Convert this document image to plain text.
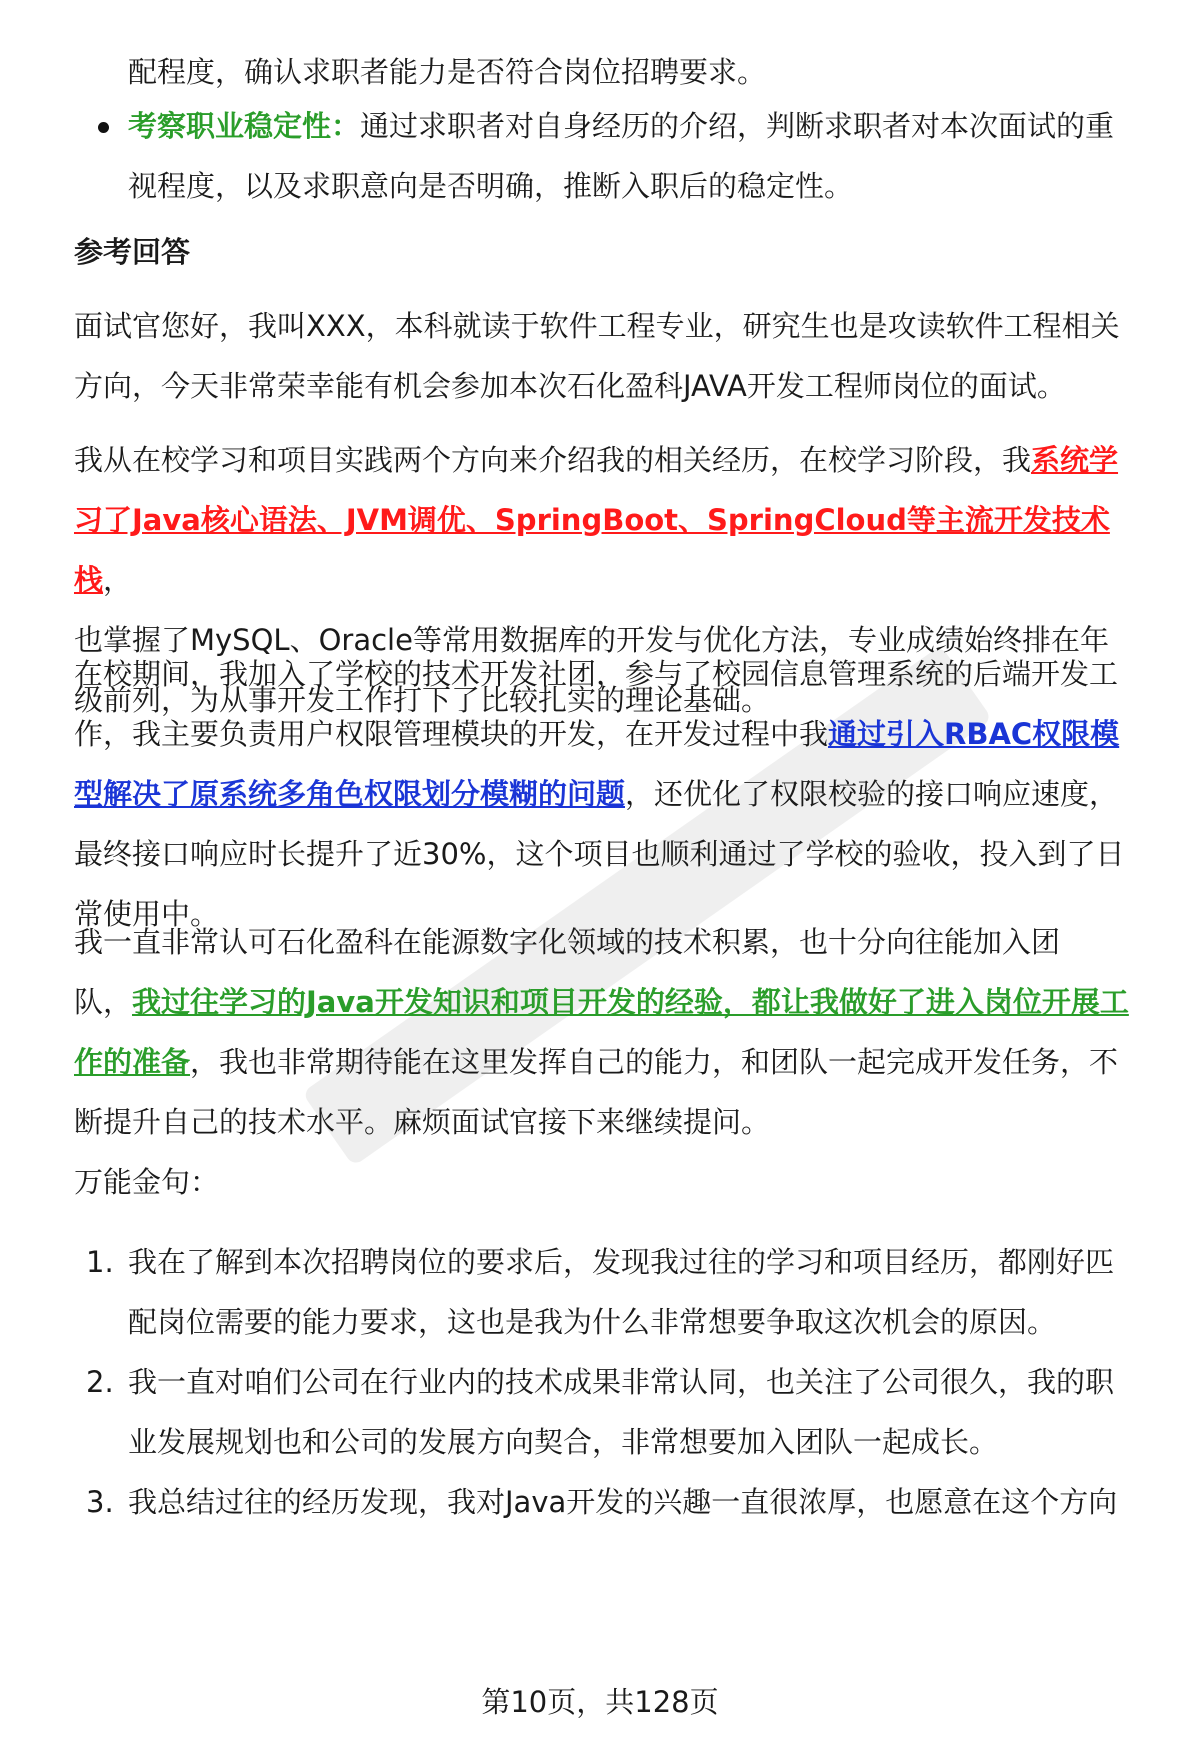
配程度，确认求职者能力是否符合岗位招聘要求。
考察职业稳定性：通过求职者对自身经历的介绍，判断求职者对本次面试的重
视程度，以及求职意向是否明确，推断入职后的稳定性。
参考回答
面试官您好，我叫XXX，本科就读于软件工程专业，研究生也是攻读软件工程相关
方向，今天非常荣幸能有机会参加本次石化盈科JAVA开发工程师岗位的面试。
我从在校学习和项目实践两个方向来介绍我的相关经历，在校学习阶段，我系统学
习了Java核心语法、JVM调优、SpringBoot、SpringCloud等主流开发技术栈，
也掌握了MySQL、Oracle等常用数据库的开发与优化方法，专业成绩始终排在年
级前列，为从事开发工作打下了比较扎实的理论基础。
在校期间，我加入了学校的技术开发社团，参与了校园信息管理系统的后端开发工
作，我主要负责用户权限管理模块的开发，在开发过程中我通过引入RBAC权限模
型解决了原系统多角色权限划分模糊的问题，还优化了权限校验的接口响应速度，
最终接口响应时长提升了近30%，这个项目也顺利通过了学校的验收，投入到了日
常使用中。
我一直非常认可石化盈科在能源数字化领域的技术积累，也十分向往能加入团
队，我过往学习的Java开发知识和项目开发的经验，都让我做好了进入岗位开展工
作的准备，我也非常期待能在这里发挥自己的能力，和团队一起完成开发任务，不
断提升自己的技术水平。麻烦面试官接下来继续提问。
万能金句：
1. 我在了解到本次招聘岗位的要求后，发现我过往的学习和项目经历，都刚好匹
配岗位需要的能力要求，这也是我为什么非常想要争取这次机会的原因。
2. 我一直对咱们公司在行业内的技术成果非常认同，也关注了公司很久，我的职
业发展规划也和公司的发展方向契合，非常想要加入团队一起成长。
3. 我总结过往的经历发现，我对Java开发的兴趣一直很浓厚，也愿意在这个方向
第10页，共128页
